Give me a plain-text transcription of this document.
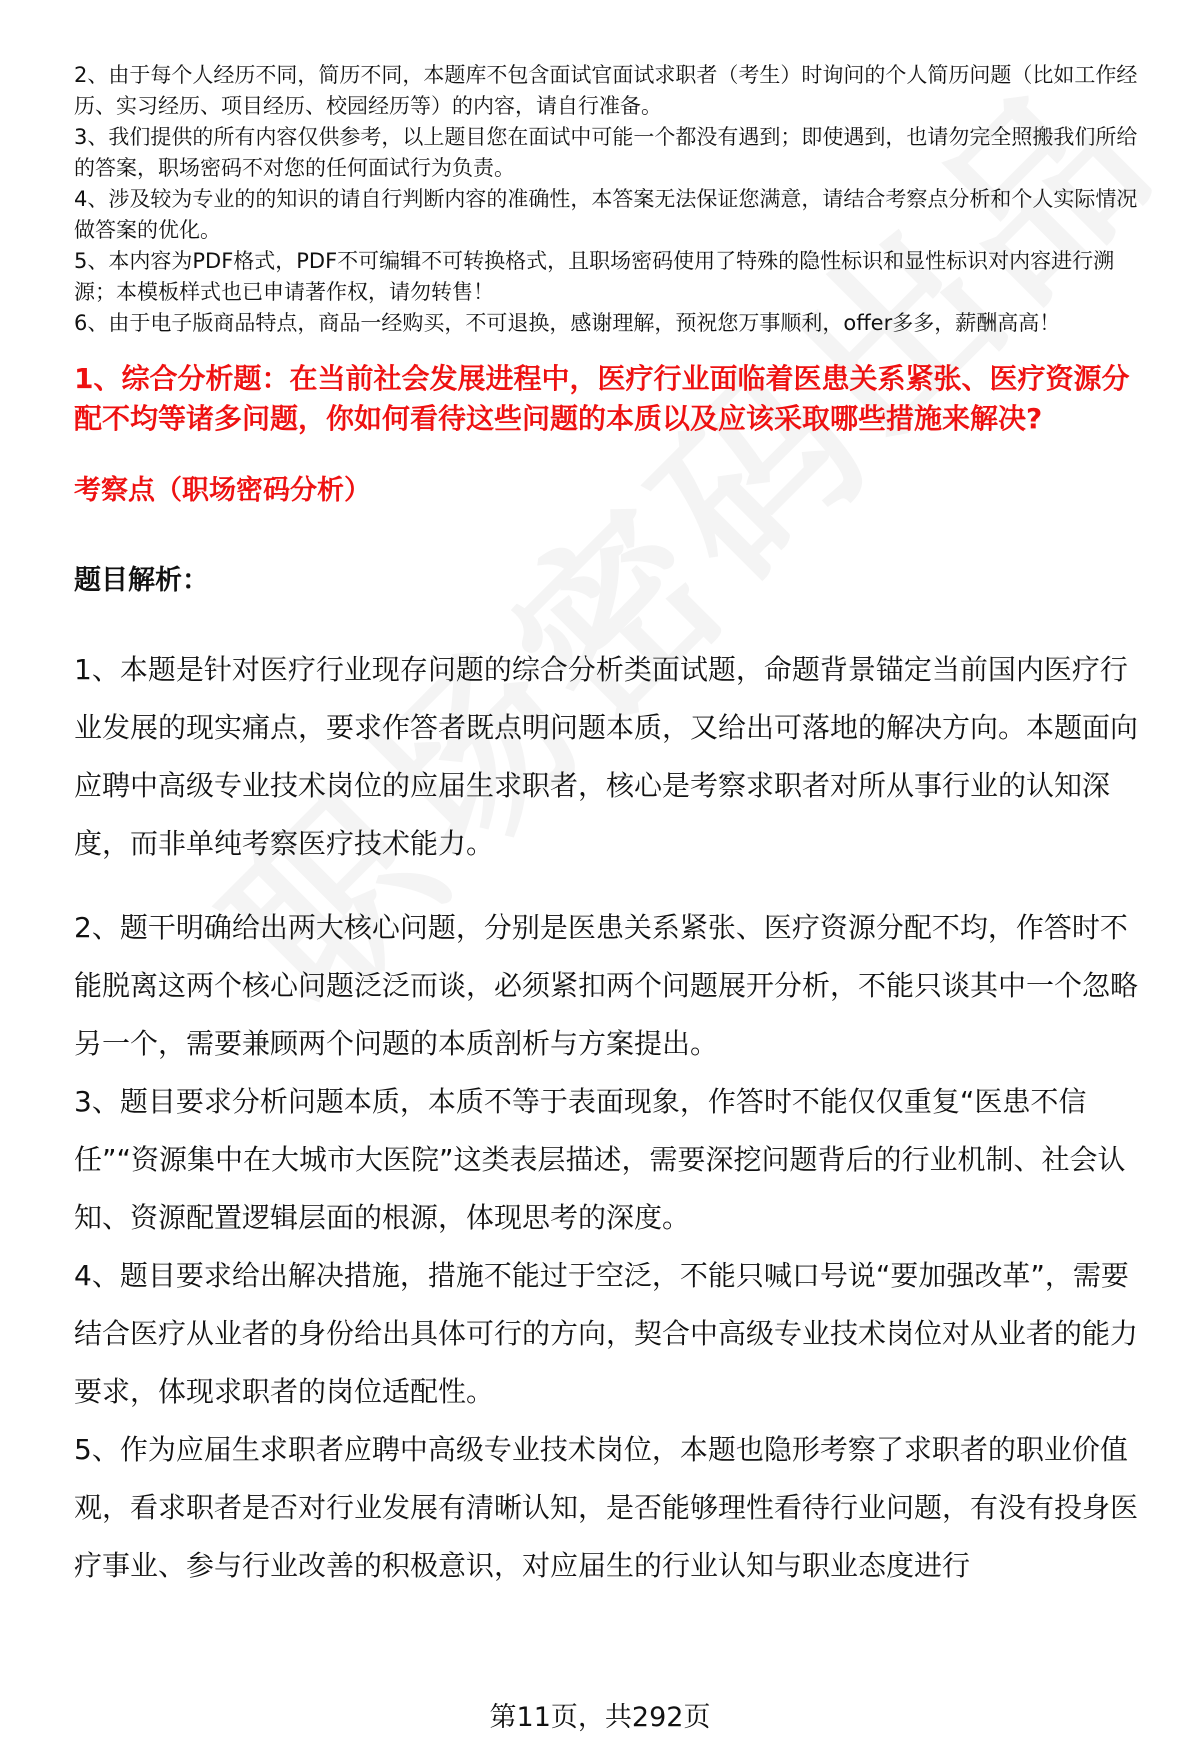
2、由于每个人经历不同，简历不同，本题库不包含面试官面试求职者（考生）时询问的个人简历问题（比如工作经历、实习经历、项目经历、校园经历等）的内容，请自行准备。

3、我们提供的所有内容仅供参考，以上题目您在面试中可能一个都没有遇到；即使遇到，也请勿完全照搬我们所给的答案，职场密码不对您的任何面试行为负责。

4、涉及较为专业的的知识的请自行判断内容的准确性，本答案无法保证您满意，请结合考察点分析和个人实际情况做答案的优化。

5、本内容为PDF格式，PDF不可编辑不可转换格式，且职场密码使用了特殊的隐性标识和显性标识对内容进行溯源；本模板样式也已申请著作权，请勿转售！

6、由于电子版商品特点，商品一经购买，不可退换，感谢理解，预祝您万事顺利，offer多多，薪酬高高！

1、综合分析题：在当前社会发展进程中，医疗行业面临着医患关系紧张、医疗资源分配不均等诸多问题，你如何看待这些问题的本质以及应该采取哪些措施来解决?
考察点（职场密码分析）
题目解析：

1、本题是针对医疗行业现存问题的综合分析类面试题，命题背景锚定当前国内医疗行业发展的现实痛点，要求作答者既点明问题本质，又给出可落地的解决方向。本题面向应聘中高级专业技术岗位的应届生求职者，核心是考察求职者对所从事行业的认知深度，而非单纯考察医疗技术能力。

2、题干明确给出两大核心问题，分别是医患关系紧张、医疗资源分配不均，作答时不能脱离这两个核心问题泛泛而谈，必须紧扣两个问题展开分析，不能只谈其中一个忽略另一个，需要兼顾两个问题的本质剖析与方案提出。

3、题目要求分析问题本质，本质不等于表面现象，作答时不能仅仅重复“医患不信任”“资源集中在大城市大医院”这类表层描述，需要深挖问题背后的行业机制、社会认知、资源配置逻辑层面的根源，体现思考的深度。

4、题目要求给出解决措施，措施不能过于空泛，不能只喊口号说“要加强改革”，需要结合医疗从业者的身份给出具体可行的方向，契合中高级专业技术岗位对从业者的能力要求，体现求职者的岗位适配性。

5、作为应届生求职者应聘中高级专业技术岗位，本题也隐形考察了求职者的职业价值观，看求职者是否对行业发展有清晰认知，是否能够理性看待行业问题，有没有投身医疗事业、参与行业改善的积极意识，对应届生的行业认知与职业态度进行

第11页，共292页
